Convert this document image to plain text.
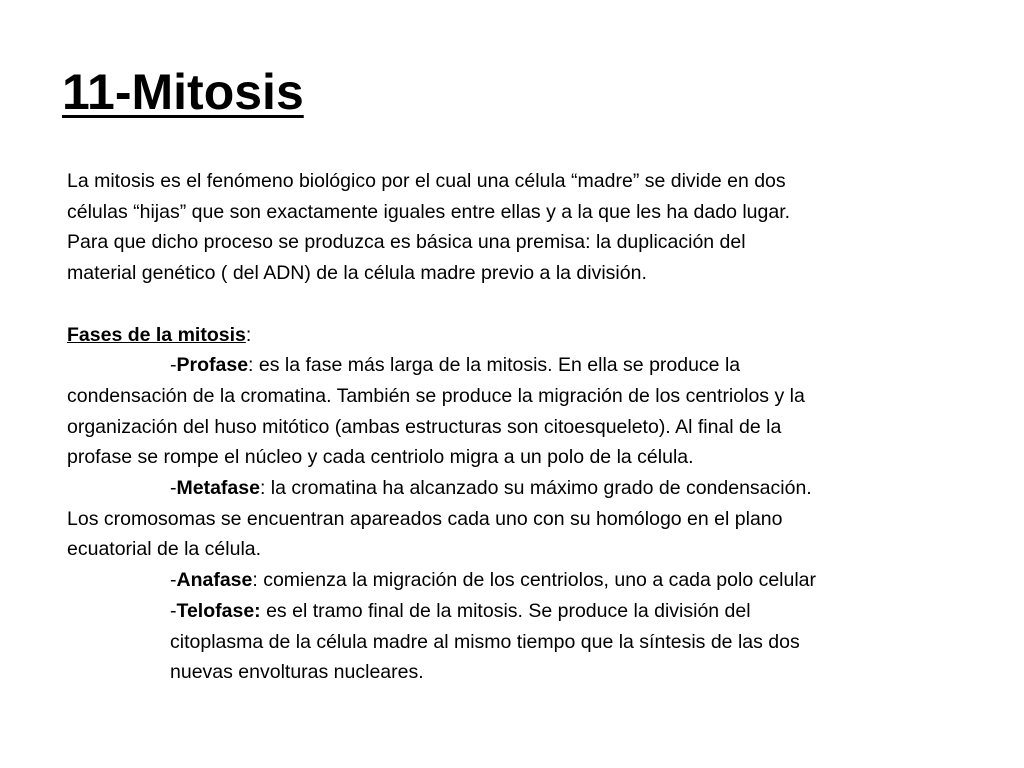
11-Mitosis

La mitosis es el fenómeno biológico por el cual una célula “madre” se divide en dos

células “hijas” que son exactamente iguales entre ellas y a la que les ha dado lugar.

Para que dicho proceso se produzca es básica una premisa: la duplicación del

material genético ( del ADN) de la célula madre previo a la división.

Fases de la mitosis:

-Profase: es la fase más larga de la mitosis. En ella se produce la

condensación de la cromatina. También se produce la migración de los centriolos y la

organización del huso mitótico (ambas estructuras son citoesqueleto). Al final de la

profase se rompe el núcleo y cada centriolo migra a un polo de la célula.

-Metafase: la cromatina ha alcanzado su máximo grado de condensación.

Los cromosomas se encuentran apareados cada uno con su homólogo en el plano

ecuatorial de la célula.

-Anafase: comienza la migración de los centriolos, uno a cada polo celular

-Telofase: es el tramo final de la mitosis. Se produce la división del

citoplasma de la célula madre al mismo tiempo que la síntesis de las dos

nuevas envolturas nucleares.
